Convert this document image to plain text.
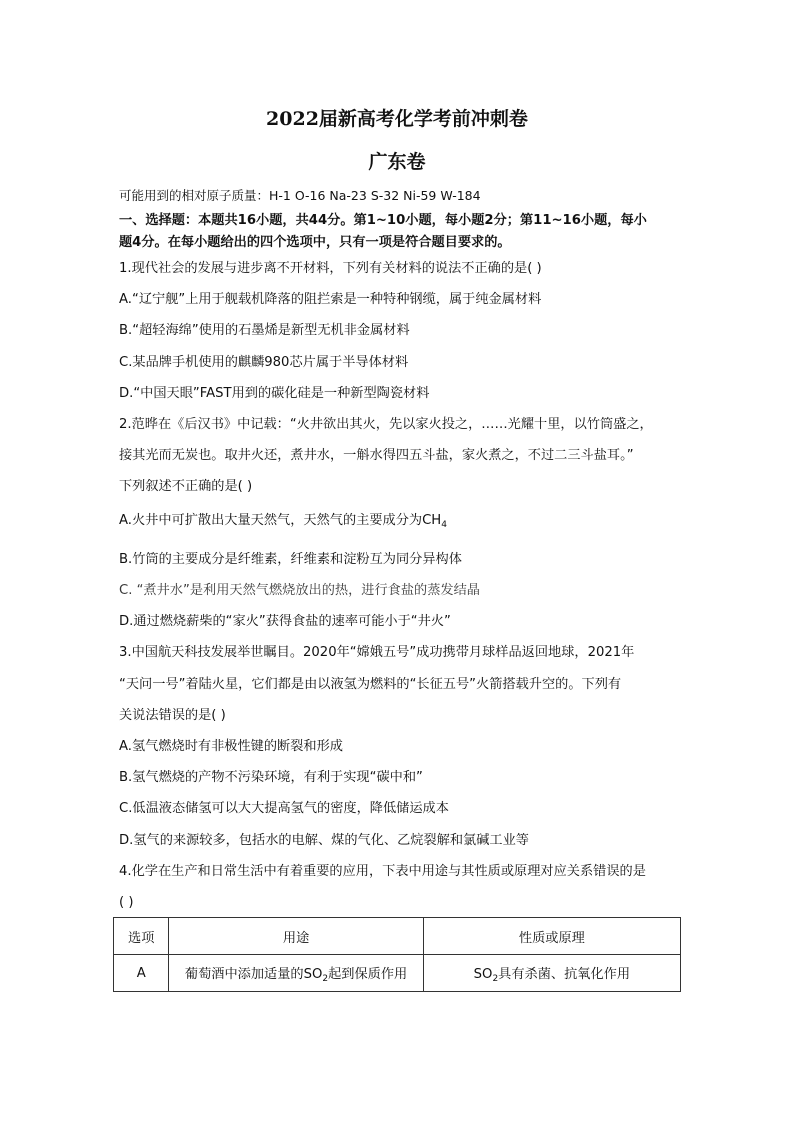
2022届新高考化学考前冲刺卷
广东卷
可能用到的相对原子质量：H-1 O-16 Na-23 S-32 Ni-59 W-184
一、选择题：本题共16小题，共44分。第1~10小题，每小题2分；第11~16小题，每小
题4分。在每小题给出的四个选项中，只有一项是符合题目要求的。
1.现代社会的发展与进步离不开材料，下列有关材料的说法不正确的是( )
A.“辽宁舰”上用于舰载机降落的阻拦索是一种特种钢缆，属于纯金属材料
B.“超轻海绵”使用的石墨烯是新型无机非金属材料
C.某品牌手机使用的麒麟980芯片属于半导体材料
D.“中国天眼”FAST用到的碳化硅是一种新型陶瓷材料
2.范晔在《后汉书》中记载：“火井欲出其火，先以家火投之，……光耀十里，以竹筒盛之，
接其光而无炭也。取井火还，煮井水，一斛水得四五斗盐，家火煮之，不过二三斗盐耳。”
下列叙述不正确的是( )
A.火井中可扩散出大量天然气，天然气的主要成分为$CH_4$
B.竹筒的主要成分是纤维素，纤维素和淀粉互为同分异构体
C. “煮井水”是利用天然气燃烧放出的热，进行食盐的蒸发结晶
D.通过燃烧薪柴的“家火”获得食盐的速率可能小于“井火”
3.中国航天科技发展举世瞩目。2020年“嫦娥五号”成功携带月球样品返回地球，2021年
“天问一号”着陆火星，它们都是由以液氢为燃料的“长征五号”火箭搭载升空的。下列有
关说法错误的是( )
A.氢气燃烧时有非极性键的断裂和形成
B.氢气燃烧的产物不污染环境，有利于实现“碳中和”
C.低温液态储氢可以大大提高氢气的密度，降低储运成本
D.氢气的来源较多，包括水的电解、煤的气化、乙烷裂解和氯碱工业等
4.化学在生产和日常生活中有着重要的应用，下表中用途与其性质或原理对应关系错误的是
( )
选项	用途	性质或原理
A	葡萄酒中添加适量的$SO_2$起到保质作用	$SO_2$具有杀菌、抗氧化作用
